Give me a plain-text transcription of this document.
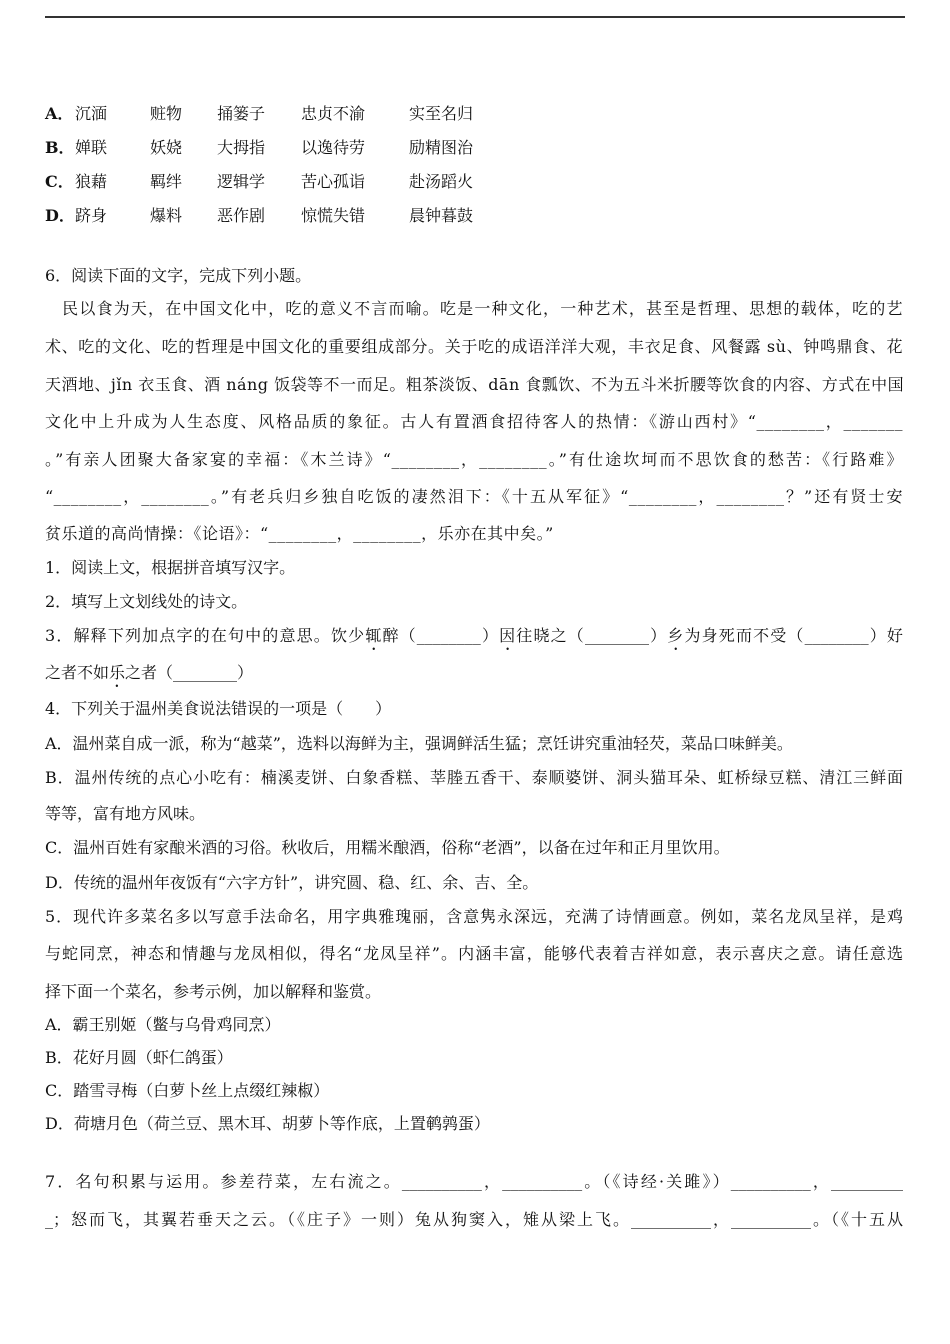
A． 沉湎	赃物 捅篓子 忠贞不渝	实至名归
B． 婵联	妖娆 大拇指 以逸待劳	励精图治
C． 狼藉	羁绊 逻辑学 苦心孤诣	赴汤蹈火
D． 跻身	爆料 恶作剧 惊慌失错	晨钟暮鼓
6．阅读下面的文字，完成下列小题。
　民以食为天，在中国文化中，吃的意义不言而喻。吃是一种文化，一种艺术，甚至是哲理、思想的载体，吃的艺
术、吃的文化、吃的哲理是中国文化的重要组成部分。关于吃的成语洋洋大观，丰衣足食、风餐露 sù、钟鸣鼎食、花
天酒地、jǐn 衣玉食、酒 náng 饭袋等不一而足。粗茶淡饭、dān 食瓢饮、不为五斗米折腰等饮食的内容、方式在中国
文化中上升成为人生态度、风格品质的象征。古人有置酒食招待客人的热情：《游山西村》“________，_______
。”有亲人团聚大备家宴的幸福：《木兰诗》“________，________。”有仕途坎坷而不思饮食的愁苦：《行路难》
“________，________。”有老兵归乡独自吃饭的凄然泪下：《十五从军征》“________，________？”还有贤士安
贫乐道的高尚情操：《论语》：“________，________，乐亦在其中矣。”
1．阅读上文，根据拼音填写汉字。
2．填写上文划线处的诗文。
3．解释下列加点字的在句中的意思。饮少辄醉（________）因往晓之（________）乡为身死而不受（________）好
之者不如乐之者（________）
4．下列关于温州美食说法错误的一项是（　　）
A．温州菜自成一派，称为“越菜”，选料以海鲜为主，强调鲜活生猛；烹饪讲究重油轻芡，菜品口味鲜美。
B．温州传统的点心小吃有：楠溪麦饼、白象香糕、莘塍五香干、泰顺婆饼、洞头猫耳朵、虹桥绿豆糕、清江三鲜面
等等，富有地方风味。
C．温州百姓有家酿米酒的习俗。秋收后，用糯米酿酒，俗称“老酒”，以备在过年和正月里饮用。
D．传统的温州年夜饭有“六字方针”，讲究圆、稳、红、余、吉、全。
5．现代许多菜名多以写意手法命名，用字典雅瑰丽，含意隽永深远，充满了诗情画意。例如，菜名龙凤呈祥，是鸡
与蛇同烹，神态和情趣与龙凤相似，得名“龙凤呈祥”。内涵丰富，能够代表着吉祥如意，表示喜庆之意。请任意选
择下面一个菜名，参考示例，加以解释和鉴赏。
A．霸王别姬（鳖与乌骨鸡同烹）
B．花好月圆（虾仁鸽蛋）
C．踏雪寻梅（白萝卜丝上点缀红辣椒）
D．荷塘月色（荷兰豆、黑木耳、胡萝卜等作底，上置鹌鹑蛋）
7．名句积累与运用。参差荇菜，左右流之。__________，__________。（《诗经·关雎》）__________，_________
_；怒而飞，其翼若垂天之云。（《庄子》一则）兔从狗窦入，雉从梁上飞。__________，__________。（《十五从
